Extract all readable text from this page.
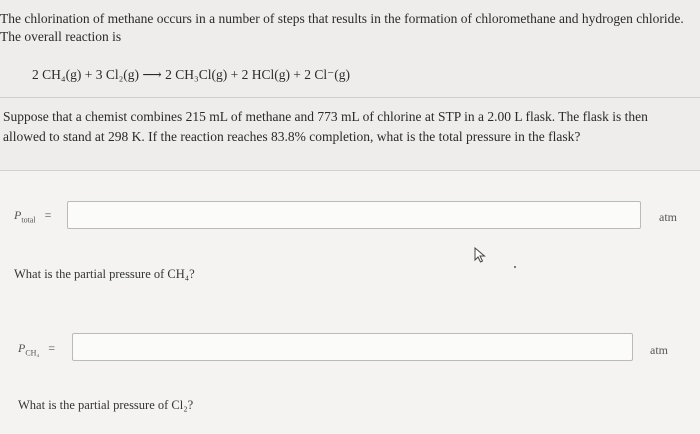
The chlorination of methane occurs in a number of steps that results in the formation of chloromethane and hydrogen chloride.
The overall reaction is
2 CH₄(g) + 3 Cl₂(g) ⟶ 2 CH₃Cl(g) + 2 HCl(g) + 2 Cl⁻(g)
Suppose that a chemist combines 215 mL of methane and 773 mL of chlorine at STP in a 2.00 L flask. The flask is then allowed to stand at 298 K. If the reaction reaches 83.8% completion, what is the total pressure in the flask?
$P_{total}$ =	atm
What is the partial pressure of CH₄?
$P_{CH_4}$ =	atm
What is the partial pressure of Cl₂?
